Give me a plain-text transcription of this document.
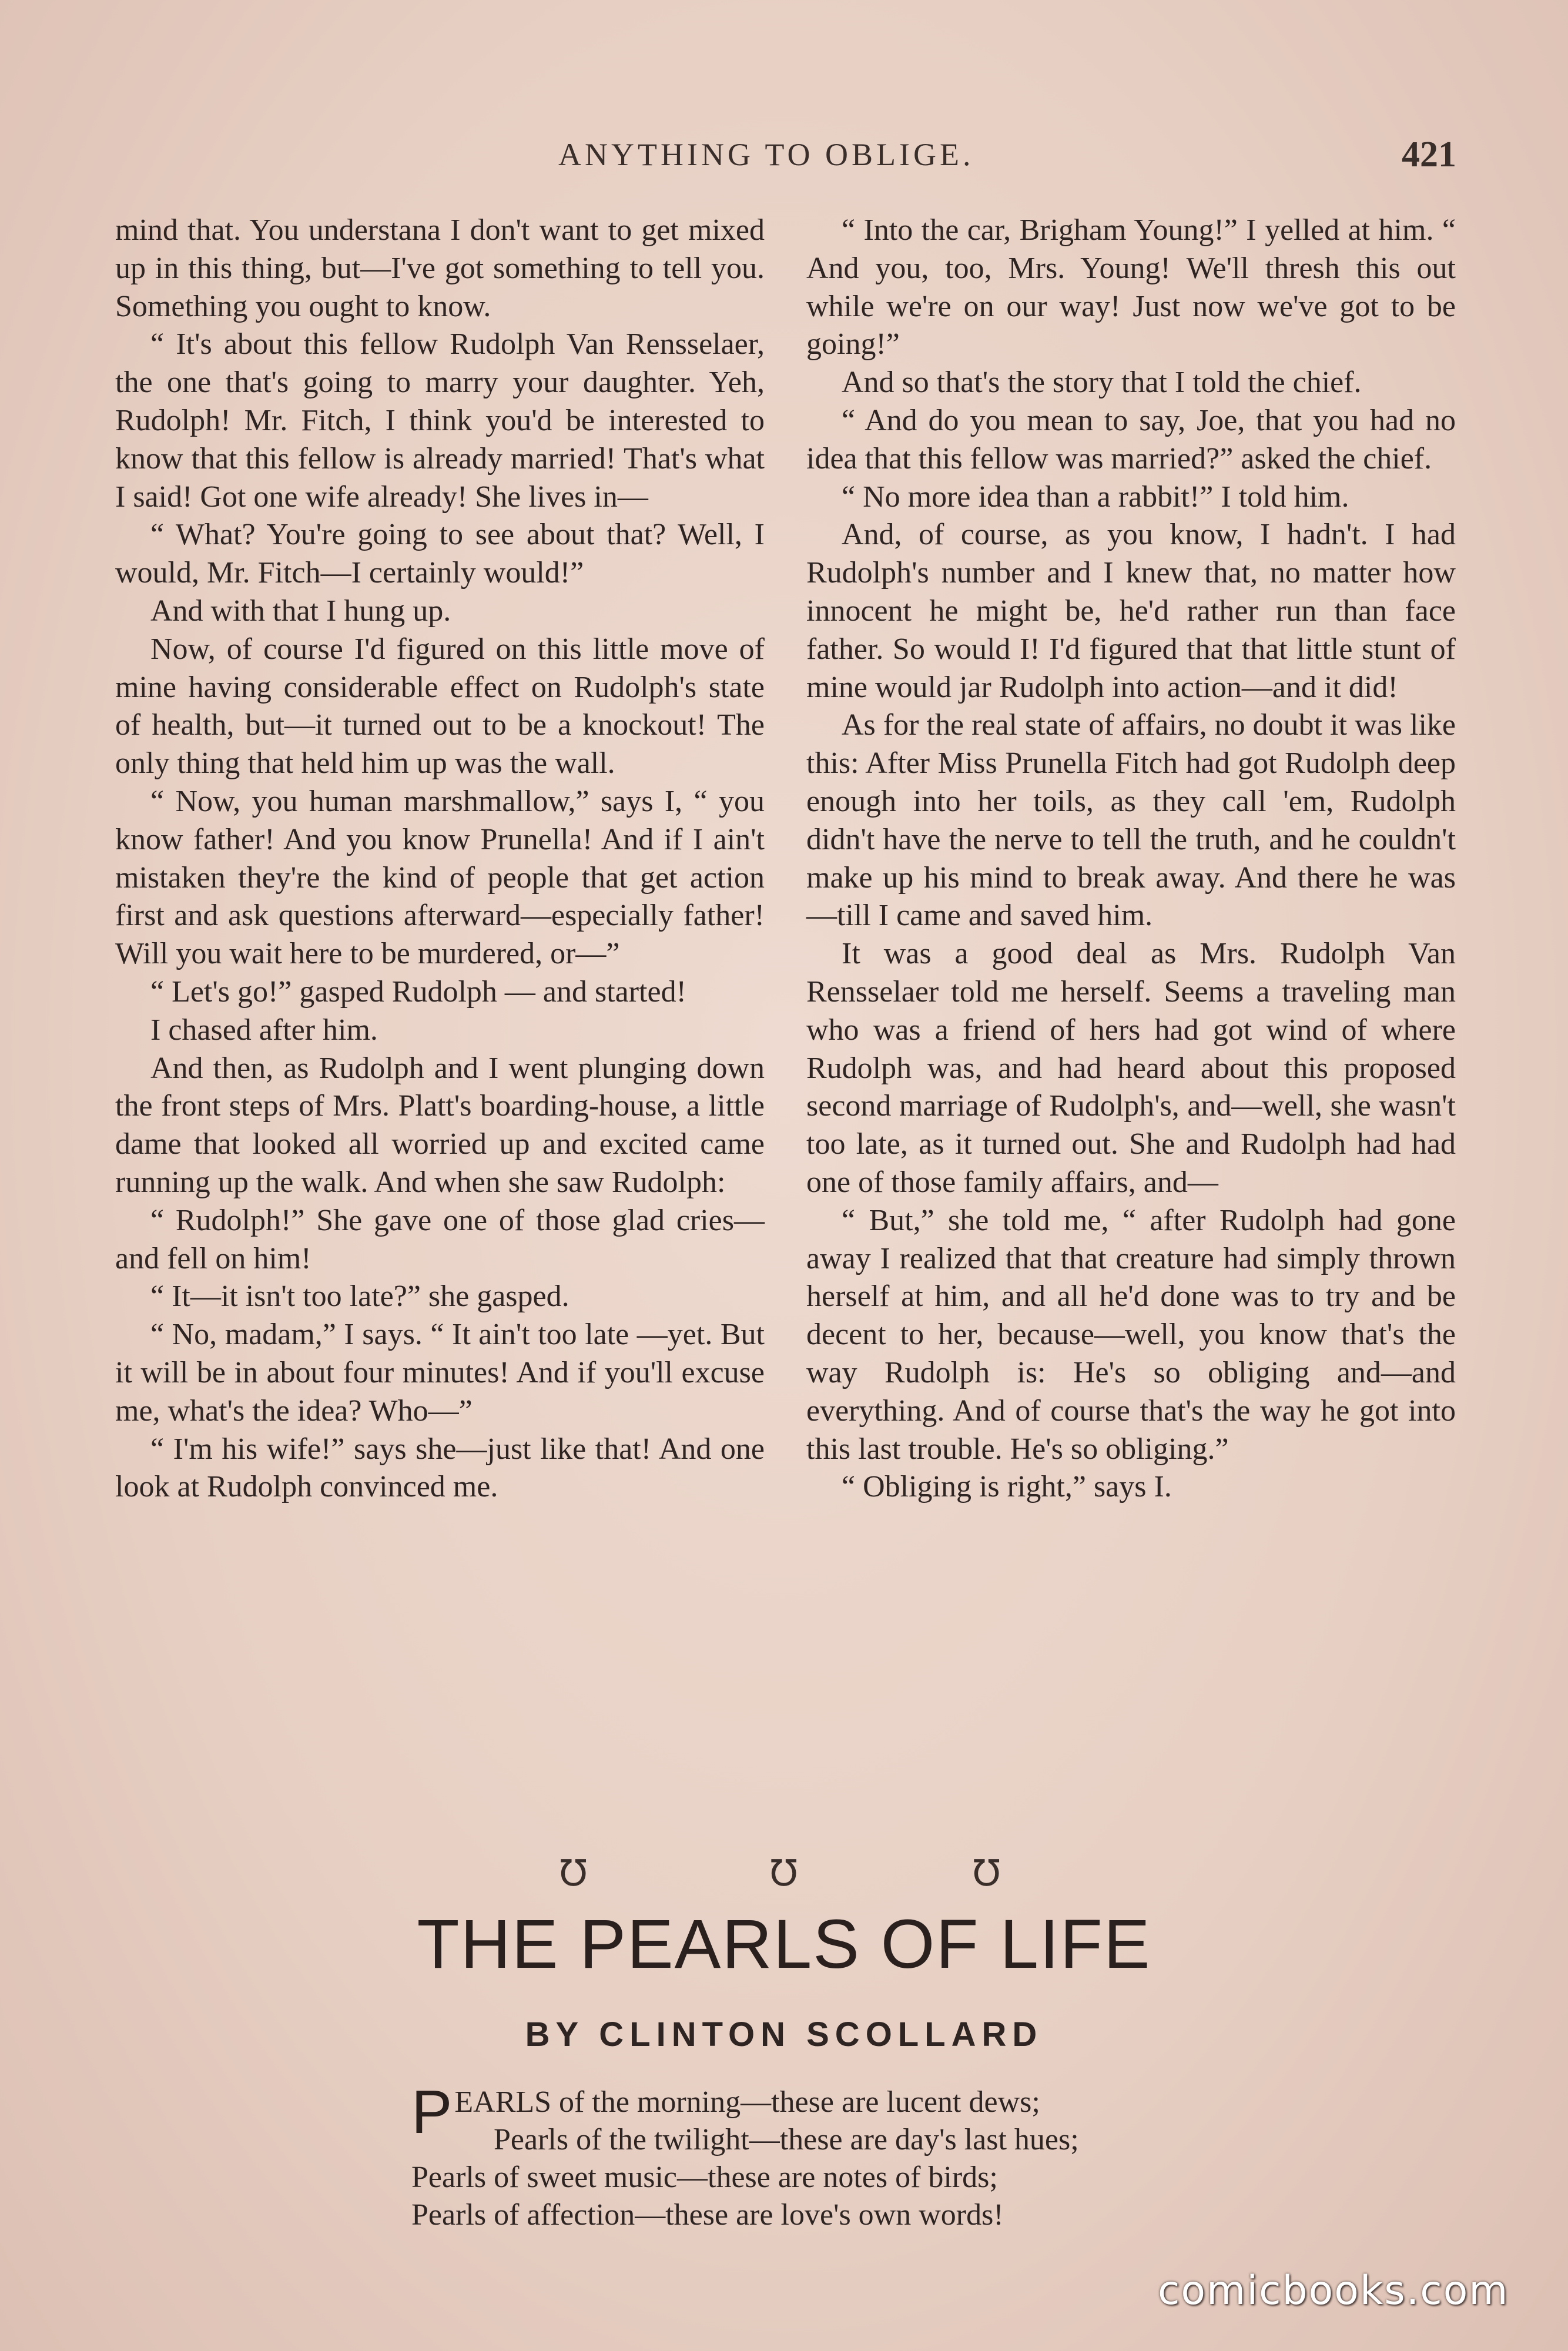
ANYTHING TO OBLIGE.	421

mind that. You understana I don't want to get mixed up in this thing, but—I've got something to tell you. Something you ought to know.

“ It's about this fellow Rudolph Van Rensselaer, the one that's going to marry your daughter. Yeh, Rudolph! Mr. Fitch, I think you'd be interested to know that this fellow is already married! That's what I said! Got one wife already! She lives in—

“ What? You're going to see about that? Well, I would, Mr. Fitch—I certainly would!”

And with that I hung up.

Now, of course I'd figured on this little move of mine having considerable effect on Rudolph's state of health, but—it turned out to be a knockout! The only thing that held him up was the wall.

“ Now, you human marshmallow,” says I, “ you know father! And you know Prunella! And if I ain't mistaken they're the kind of people that get action first and ask questions afterward—especially father! Will you wait here to be murdered, or—”

“ Let's go!” gasped Rudolph — and started!

I chased after him.

And then, as Rudolph and I went plunging down the front steps of Mrs. Platt's boarding-house, a little dame that looked all worried up and excited came running up the walk. And when she saw Rudolph:

“ Rudolph!” She gave one of those glad cries—and fell on him!

“ It—it isn't too late?” she gasped.

“ No, madam,” I says. “ It ain't too late —yet. But it will be in about four minutes! And if you'll excuse me, what's the idea? Who—”

“ I'm his wife!” says she—just like that! And one look at Rudolph convinced me.

“ Into the car, Brigham Young!” I yelled at him. “ And you, too, Mrs. Young! We'll thresh this out while we're on our way! Just now we've got to be going!”

And so that's the story that I told the chief.

“ And do you mean to say, Joe, that you had no idea that this fellow was married?” asked the chief.

“ No more idea than a rabbit!” I told him.

And, of course, as you know, I hadn't. I had Rudolph's number and I knew that, no matter how innocent he might be, he'd rather run than face father. So would I! I'd figured that that little stunt of mine would jar Rudolph into action—and it did!

As for the real state of affairs, no doubt it was like this: After Miss Prunella Fitch had got Rudolph deep enough into her toils, as they call 'em, Rudolph didn't have the nerve to tell the truth, and he couldn't make up his mind to break away. And there he was—till I came and saved him.

It was a good deal as Mrs. Rudolph Van Rensselaer told me herself. Seems a traveling man who was a friend of hers had got wind of where Rudolph was, and had heard about this proposed second marriage of Rudolph's, and—well, she wasn't too late, as it turned out. She and Rudolph had had one of those family affairs, and—

“ But,” she told me, “ after Rudolph had gone away I realized that that creature had simply thrown herself at him, and all he'd done was to try and be decent to her, because—well, you know that's the way Rudolph is: He's so obliging and—and everything. And of course that's the way he got into this last trouble. He's so obliging.”

“ Obliging is right,” says I.

℧	℧	℧
THE PEARLS OF LIFE
BY CLINTON SCOLLARD
P EARLS of the morning—these are lucent dews;
Pearls of the twilight—these are day's last hues;
Pearls of sweet music—these are notes of birds;
Pearls of affection—these are love's own words!
comicbooks.com
